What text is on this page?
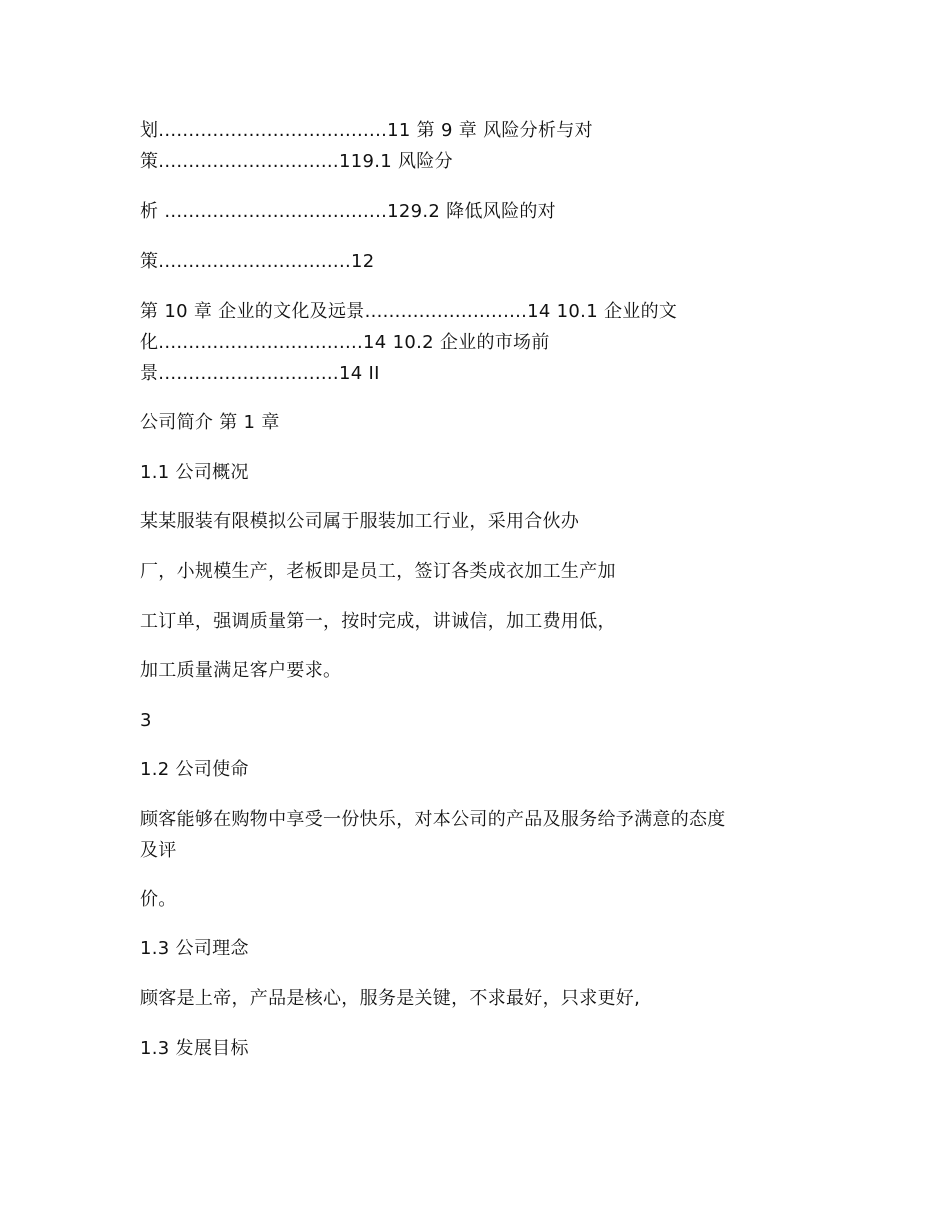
划......................................11 第 9 章 风险分析与对
策..............................119.1 风险分
析 .....................................129.2 降低风险的对
策................................12
第 10 章 企业的文化及远景...........................14 10.1 企业的文
化..................................14 10.2 企业的市场前
景..............................14 II
公司简介 第 1 章
1.1 公司概况
某某服装有限模拟公司属于服装加工行业，采用合伙办
厂，小规模生产，老板即是员工，签订各类成衣加工生产加
工订单，强调质量第一，按时完成，讲诚信，加工费用低，
加工质量满足客户要求。
3
1.2 公司使命
顾客能够在购物中享受一份快乐，对本公司的产品及服务给予满意的态度
及评
价。
1.3 公司理念
顾客是上帝，产品是核心，服务是关键，不求最好，只求更好,
1.3 发展目标
